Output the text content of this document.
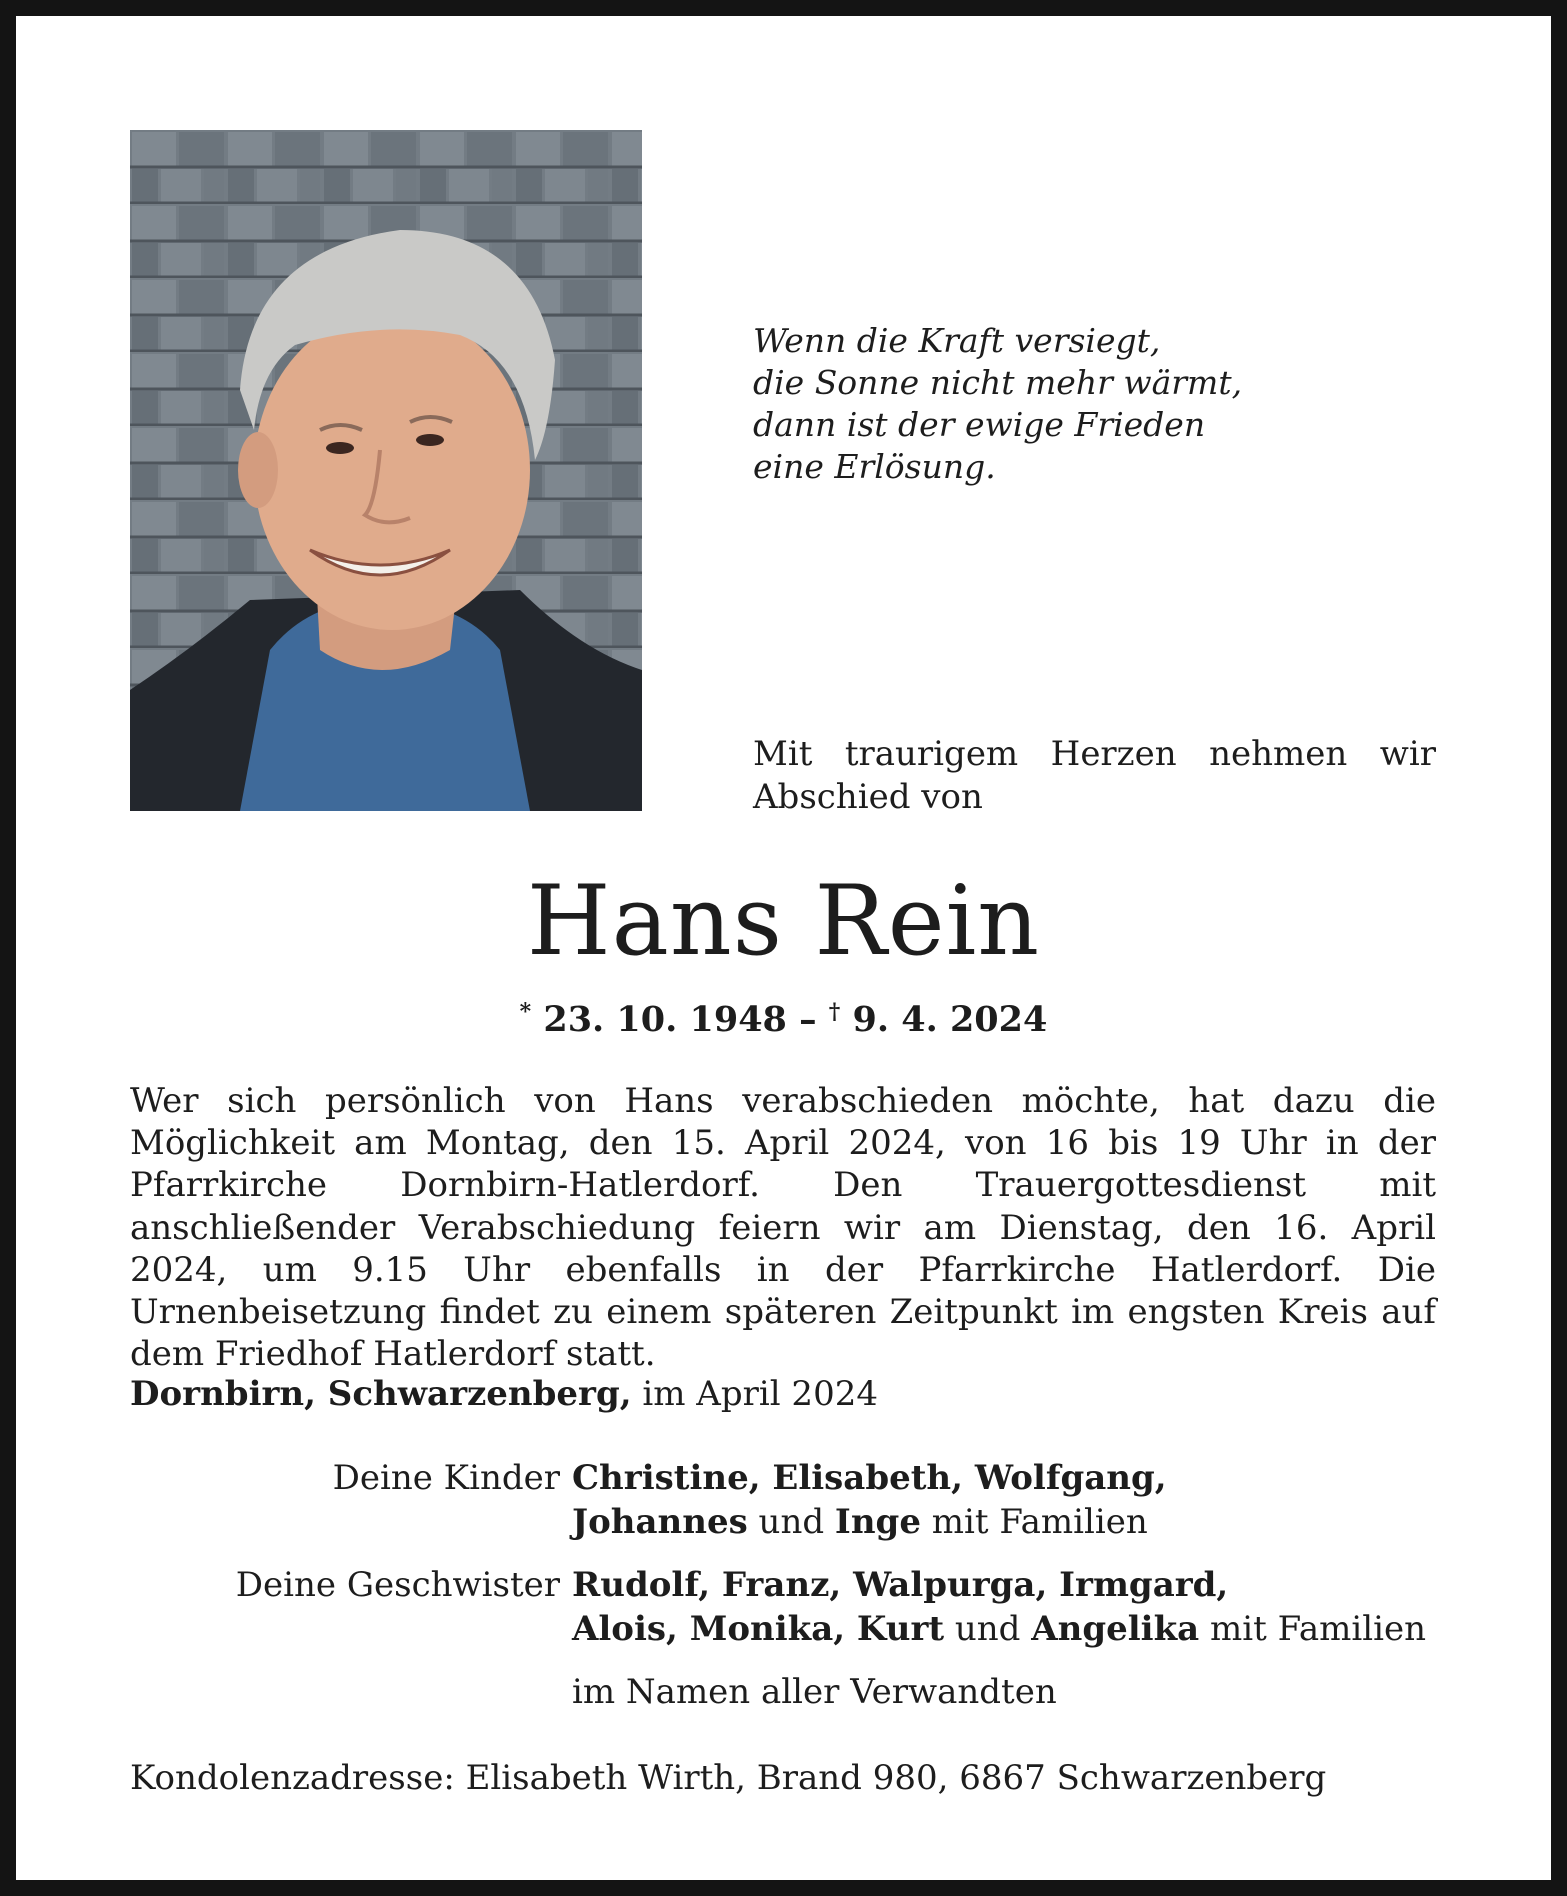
Wenn die Kraft versiegt,
die Sonne nicht mehr wärmt,
dann ist der ewige Frieden
eine Erlösung.
Mit traurigem Herzen nehmen wir Abschied von
Hans Rein
* 23. 10. 1948 – † 9. 4. 2024
Wer sich persönlich von Hans verabschieden möchte, hat dazu die Möglichkeit am Montag, den 15. April 2024, von 16 bis 19 Uhr in der Pfarrkirche Dornbirn-Hatlerdorf. Den Trauergottesdienst mit anschließender Verabschiedung feiern wir am Dienstag, den 16. April 2024, um 9.15 Uhr ebenfalls in der Pfarrkirche Hatlerdorf. Die Urnenbeisetzung findet zu einem späteren Zeitpunkt im engsten Kreis auf dem Friedhof Hatlerdorf statt.
Dornbirn, Schwarzenberg, im April 2024
Deine Kinder Christine, Elisabeth, Wolfgang,
Johannes und Inge mit Familien
Deine Geschwister Rudolf, Franz, Walpurga, Irmgard,
Alois, Monika, Kurt und Angelika mit Familien
im Namen aller Verwandten
Kondolenzadresse: Elisabeth Wirth, Brand 980, 6867 Schwarzenberg
